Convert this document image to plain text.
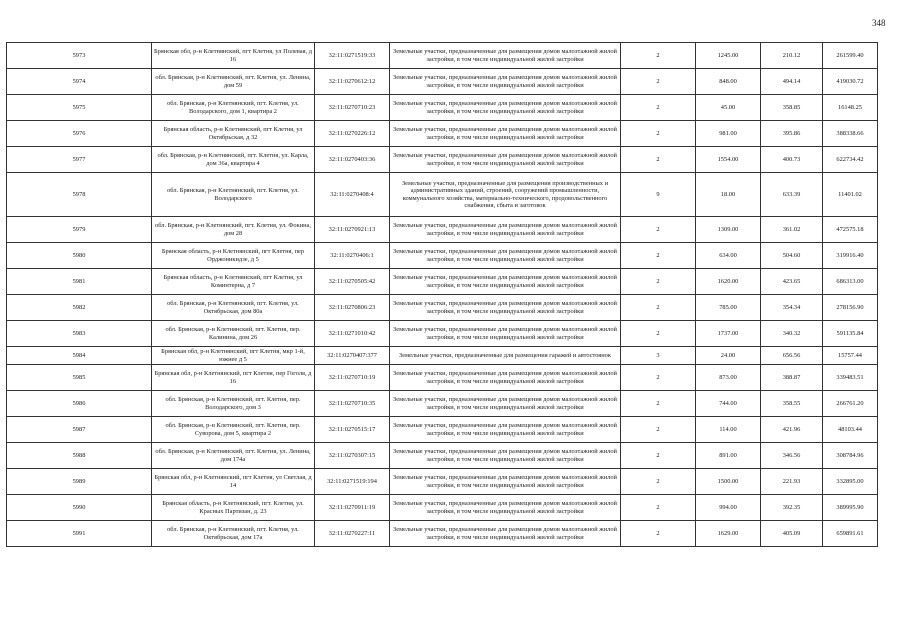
348
5973	Брянская обл, р-н Клетнянский, пгт Клетня, ул Полевая, д 16	32:11:0271519:33	Земельные участки, предназначенные для размещения домов малоэтажной жилой застройки, в том числе индивидуальной жилой застройки	2	1245.00	210.12	261599.40
5974	обл. Брянская, р-н Клетнянский, пгт. Клетня, ул. Ленина, дом 59	32:11:0270612:12	Земельные участки, предназначенные для размещения домов малоэтажной жилой застройки, в том числе индивидуальной жилой застройки	2	848.00	494.14	419030.72
5975	обл. Брянская, р-н Клетнянский, пгт. Клетня, ул. Володарского, дом 1, квартира 2	32:11:0270710:23	Земельные участки, предназначенные для размещения домов малоэтажной жилой застройки, в том числе индивидуальной жилой застройки	2	45.00	358.85	16148.25
5976	Брянская область, р-н Клетнянский, пгт Клетня, ул Октябрьская, д 32	32:11:0270226:12	Земельные участки, предназначенные для размещения домов малоэтажной жилой застройки, в том числе индивидуальной жилой застройки	2	981.00	395.86	388338.66
5977	обл. Брянская, р-н Клетнянский, пгт. Клетня, ул. Карла, дом 36а, квартира 4	32:11:0270403:36	Земельные участки, предназначенные для размещения домов малоэтажной жилой застройки, в том числе индивидуальной жилой застройки	2	1554.00	400.73	622734.42
5978	обл. Брянская, р-н Клетнянский, пгт. Клетня, ул. Володарского	32:11:0270408:4	Земельные участки, предназначенные для размещения производственных и административных зданий, строений, сооружений промышленности, коммунального хозяйства, материально-технического, продовольственного снабжения, сбыта и заготовок	9	18.00	633.39	11401.02
5979	обл. Брянская, р-н Клетнянский, пгт. Клетня, ул. Фокина, дом 28	32:11:0270921:13	Земельные участки, предназначенные для размещения домов малоэтажной жилой застройки, в том числе индивидуальной жилой застройки	2	1309.00	361.02	472575.18
5980	Брянская область, р-н Клетнянский, пгт Клетня, пер Орджоникидзе, д 5	32:11:0270406:1	Земельные участки, предназначенные для размещения домов малоэтажной жилой застройки, в том числе индивидуальной жилой застройки	2	634.00	504.60	319916.40
5981	Брянская область, р-н Клетнянский, пгт Клетня, ул Коминтерна, д 7	32:11:0270505:42	Земельные участки, предназначенные для размещения домов малоэтажной жилой застройки, в том числе индивидуальной жилой застройки	2	1620.00	423.65	686313.00
5982	обл. Брянская, р-н Клетнянский, пгт. Клетня, ул. Октябрьская, дом 80а	32:11:0270806:23	Земельные участки, предназначенные для размещения домов малоэтажной жилой застройки, в том числе индивидуальной жилой застройки	2	785.00	354.34	278156.90
5983	обл. Брянская, р-н Клетнянский, пгт. Клетня, пер. Калинина, дом 26	32:11:0271010:42	Земельные участки, предназначенные для размещения домов малоэтажной жилой застройки, в том числе индивидуальной жилой застройки	2	1737.00	340.32	591135.84
5984	Брянская обл, р-н Клетнянский, пгт Клетня, мкр 1-й, южнее д 5	32:11:0270407:377	Земельные участки, предназначенные для размещения гаражей и автостоянок	3	24.00	656.56	15757.44
5985	Брянская обл, р-н Клетнянский, пгт Клетня, пер Гоголя, д 16	32:11:0270710:19	Земельные участки, предназначенные для размещения домов малоэтажной жилой застройки, в том числе индивидуальной жилой застройки	2	873.00	388.87	339483.51
5986	обл. Брянская, р-н Клетнянский, пгт. Клетня, пер. Володарского, дом 3	32:11:0270710:35	Земельные участки, предназначенные для размещения домов малоэтажной жилой застройки, в том числе индивидуальной жилой застройки	2	744.00	358.55	266761.20
5987	обл. Брянская, р-н Клетнянский, пгт. Клетня, пер. Суворова, дом 5, квартира 2	32:11:0270515:17	Земельные участки, предназначенные для размещения домов малоэтажной жилой застройки, в том числе индивидуальной жилой застройки	2	114.00	421.96	48103.44
5988	обл. Брянская, р-н Клетнянский, пгт. Клетня, ул. Ленина, дом 174а	32:11:0270307:15	Земельные участки, предназначенные для размещения домов малоэтажной жилой застройки, в том числе индивидуальной жилой застройки	2	891.00	346.56	308784.96
5989	Брянская обл, р-н Клетнянский, пгт Клетня, ул Светлая, д 14	32:11:0271519:194	Земельные участки, предназначенные для размещения домов малоэтажной жилой застройки, в том числе индивидуальной жилой застройки	2	1500.00	221.93	332895.00
5990	Брянская область, р-н Клетнянский, пгт. Клетня, ул. Красных Партизан, д. 23	32:11:0270911:19	Земельные участки, предназначенные для размещения домов малоэтажной жилой застройки, в том числе индивидуальной жилой застройки	2	994.00	392.35	389995.90
5991	обл. Брянская, р-н Клетнянский, пгт. Клетня, ул. Октябрьская, дом 17а	32:11:0270227:11	Земельные участки, предназначенные для размещения домов малоэтажной жилой застройки, в том числе индивидуальной жилой застройки	2	1629.00	405.09	659891.61
